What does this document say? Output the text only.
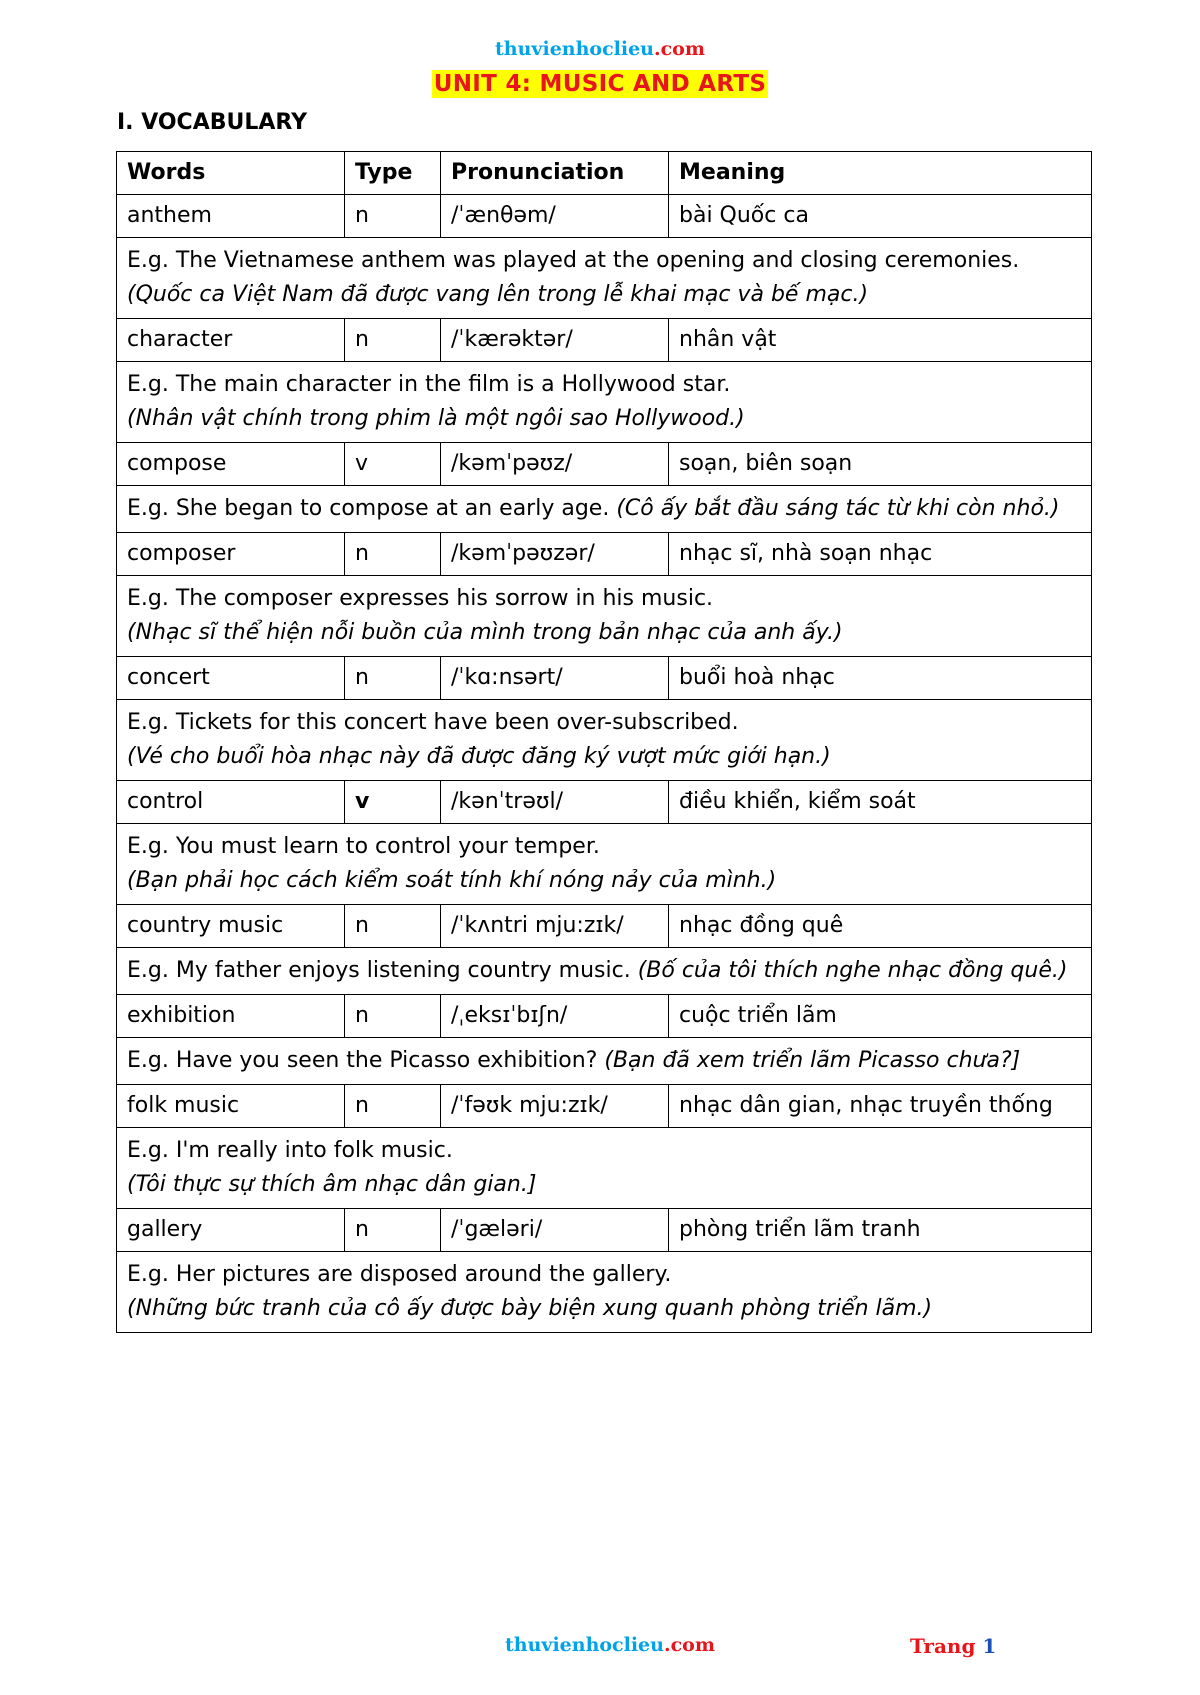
thuvienhoclieu.com
UNIT 4: MUSIC AND ARTS
I. VOCABULARY
Words	Type	Pronunciation	Meaning
anthem	n	/ˈænθəm/	bài Quốc ca
E.g. The Vietnamese anthem was played at the opening and closing ceremonies.
(Quốc ca Việt Nam đã được vang lên trong lễ khai mạc và bế mạc.)			

character	n	/ˈkærəktər/	nhân vật
E.g. The main character in the film is a Hollywood star.
(Nhân vật chính trong phim là một ngôi sao Hollywood.)			

compose	v	/kəmˈpəʊz/	soạn, biên soạn
E.g. She began to compose at an early age. (Cô ấy bắt đầu sáng tác từ khi còn nhỏ.)			
composer	n	/kəmˈpəʊzər/	nhạc sĩ, nhà soạn nhạc
E.g. The composer expresses his sorrow in his music.
(Nhạc sĩ thể hiện nỗi buồn của mình trong bản nhạc của anh ấy.)			

concert	n	/ˈkɑ:nsərt/	buổi hoà nhạc
E.g. Tickets for this concert have been over-subscribed.
(Vé cho buổi hòa nhạc này đã được đăng ký vượt mức giới hạn.)			

control	v	/kənˈtrəʊl/	điều khiển, kiểm soát
E.g. You must learn to control your temper.
(Bạn phải học cách kiểm soát tính khí nóng nảy của mình.)			

country music	n	/ˈkʌntri mju:zɪk/	nhạc đồng quê
E.g. My father enjoys listening country music. (Bố của tôi thích nghe nhạc đồng quê.)			
exhibition	n	/ˌeksɪˈbɪʃn/	cuộc triển lãm
E.g. Have you seen the Picasso exhibition? (Bạn đã xem triển lãm Picasso chưa?]			
folk music	n	/ˈfəʊk mju:zɪk/	nhạc dân gian, nhạc truyền thống
E.g. I'm really into folk music.
(Tôi thực sự thích âm nhạc dân gian.]			

gallery	n	/ˈgæləri/	phòng triển lãm tranh
E.g. Her pictures are disposed around the gallery.
(Những bức tranh của cô ấy được bày biện xung quanh phòng triển lãm.)			
thuvienhoclieu.com	Trang 1
